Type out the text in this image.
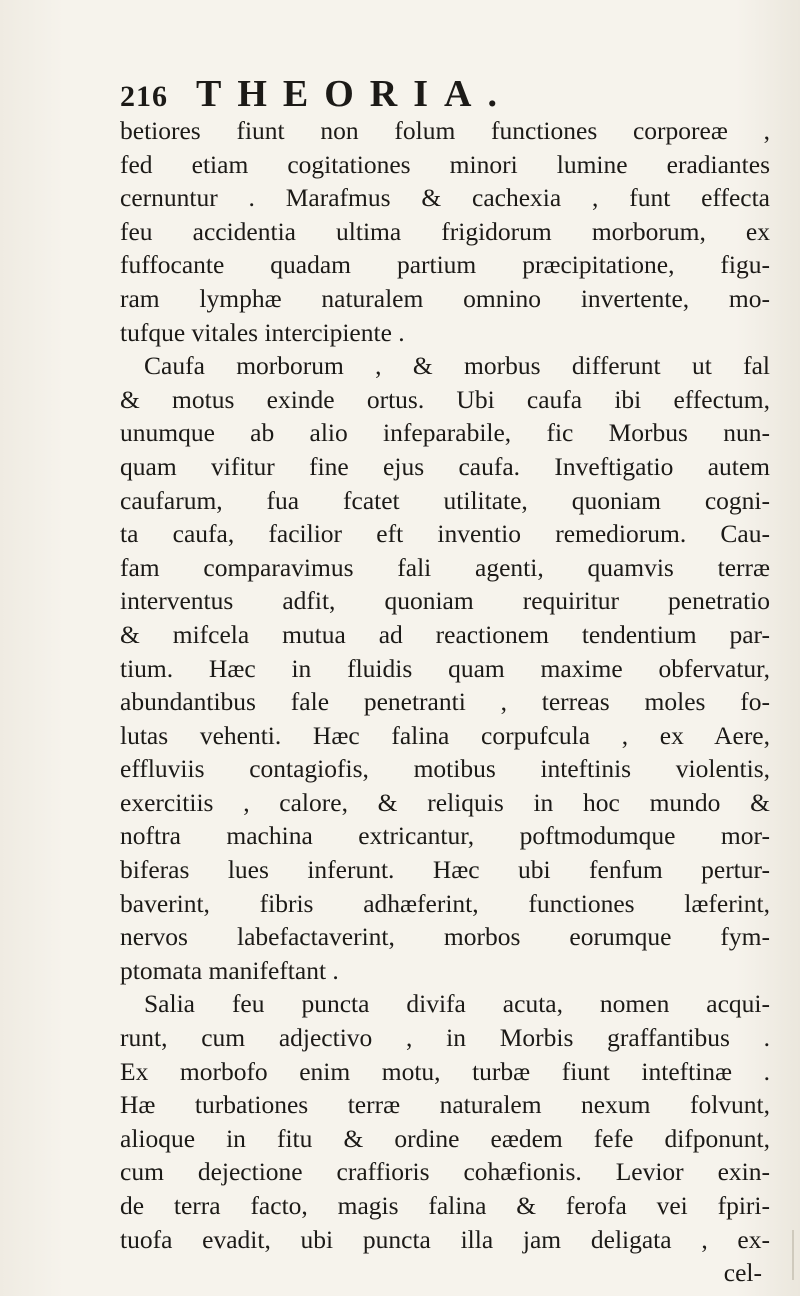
216 THEORIA.
betiores fiunt non folum functiones corporeæ ,
fed etiam cogitationes minori lumine eradiantes
cernuntur . Marafmus & cachexia , funt effecta
feu accidentia ultima frigidorum morborum, ex
fuffocante quadam partium præcipitatione, figu-
ram lymphæ naturalem omnino invertente, mo-
tufque vitales intercipiente .
Caufa morborum , & morbus differunt ut fal
& motus exinde ortus. Ubi caufa ibi effectum,
unumque ab alio infeparabile, fic Morbus nun-
quam vifitur fine ejus caufa. Inveftigatio autem
caufarum, fua fcatet utilitate, quoniam cogni-
ta caufa, facilior eft inventio remediorum. Cau-
fam comparavimus fali agenti, quamvis terræ
interventus adfit, quoniam requiritur penetratio
& mifcela mutua ad reactionem tendentium par-
tium. Hæc in fluidis quam maxime obfervatur,
abundantibus fale penetranti , terreas moles fo-
lutas vehenti. Hæc falina corpufcula , ex Aere,
effluviis contagiofis, motibus inteftinis violentis,
exercitiis , calore, & reliquis in hoc mundo &
noftra machina extricantur, poftmodumque mor-
biferas lues inferunt. Hæc ubi fenfum pertur-
baverint, fibris adhæferint, functiones læferint,
nervos labefactaverint, morbos eorumque fym-
ptomata manifeftant .
Salia feu puncta divifa acuta, nomen acqui-
runt, cum adjectivo , in Morbis graffantibus .
Ex morbofo enim motu, turbæ fiunt inteftinæ .
Hæ turbationes terræ naturalem nexum folvunt,
alioque in fitu & ordine eædem fefe difponunt,
cum dejectione craffioris cohæfionis. Levior exin-
de terra facto, magis falina & ferofa vei fpiri-
tuofa evadit, ubi puncta illa jam deligata , ex-
cel-
